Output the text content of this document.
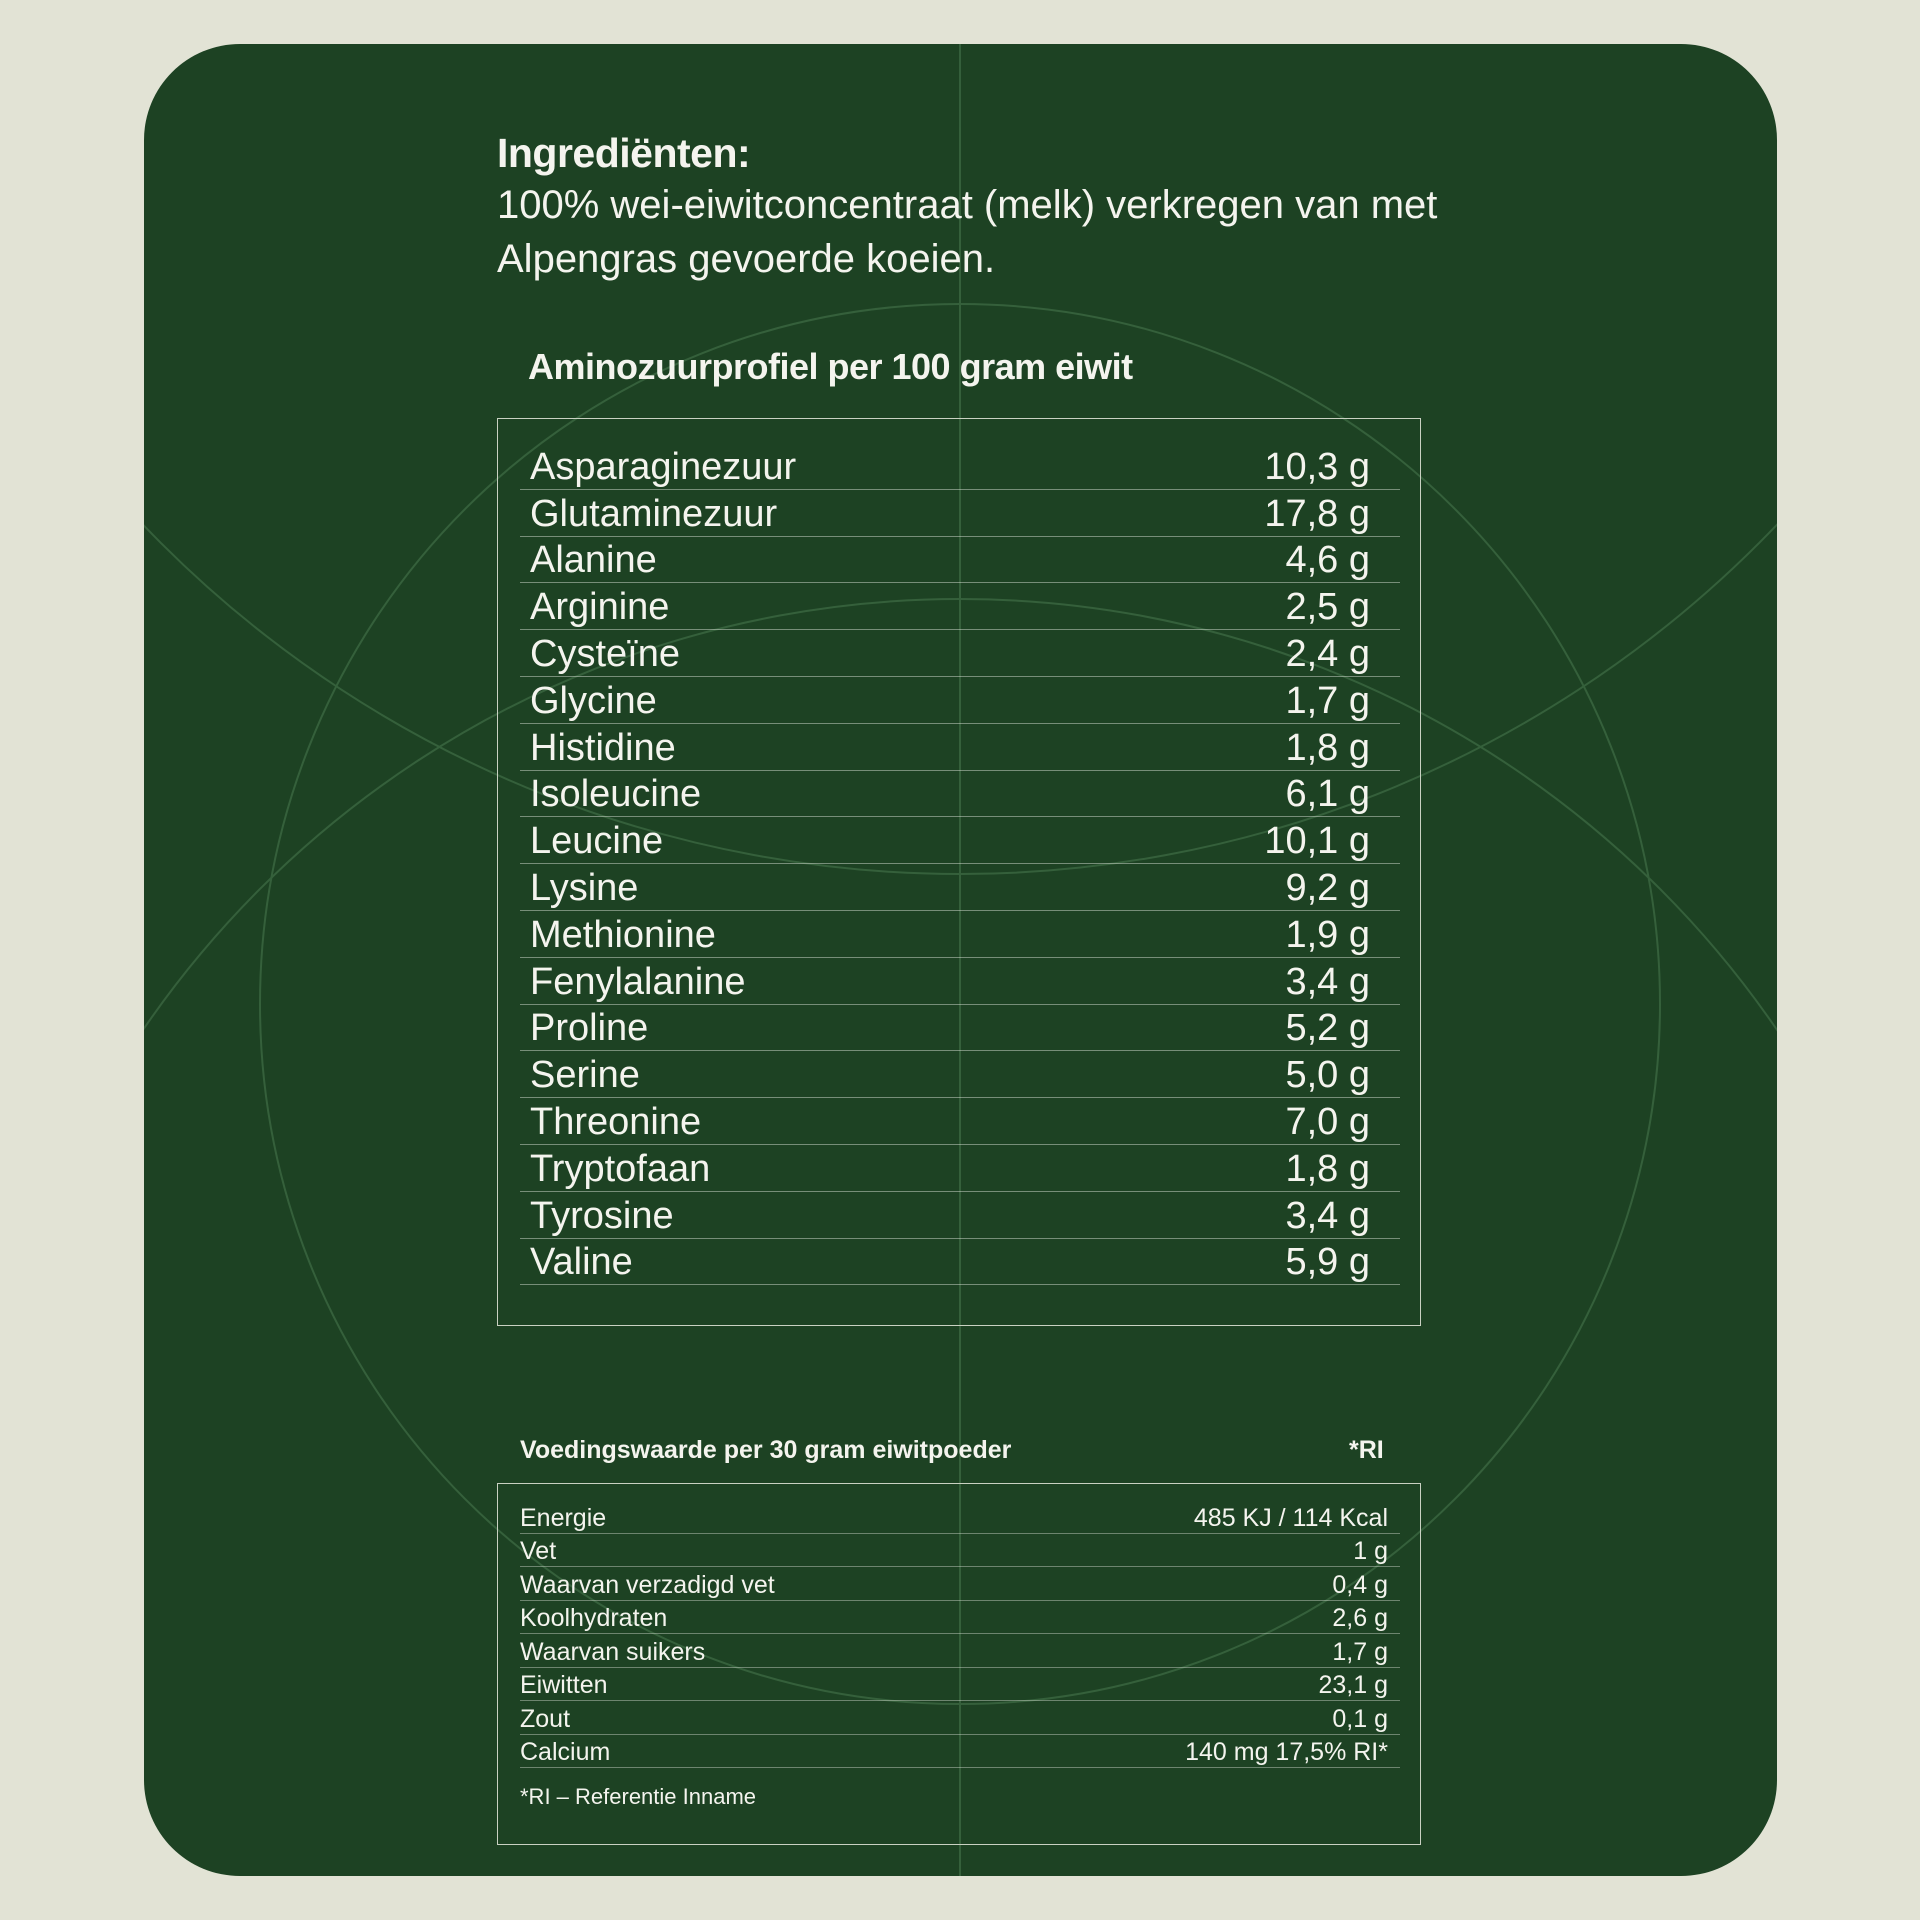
Ingrediënten:

100% wei-eiwitconcentraat (melk) verkregen van met Alpengras gevoerde koeien.

Aminozuurprofiel per 100 gram eiwit
Asparaginezuur	10,3 g
Glutaminezuur	17,8 g
Alanine	4,6 g
Arginine	2,5 g
Cysteïne	2,4 g
Glycine	1,7 g
Histidine	1,8 g
Isoleucine	6,1 g
Leucine	10,1 g
Lysine	9,2 g
Methionine	1,9 g
Fenylalanine	3,4 g
Proline	5,2 g
Serine	5,0 g
Threonine	7,0 g
Tryptofaan	1,8 g
Tyrosine	3,4 g
Valine	5,9 g
Voedingswaarde per 30 gram eiwitpoeder	*RI
Energie	485 KJ / 114 Kcal
Vet	1 g
Waarvan verzadigd vet	0,4 g
Koolhydraten	2,6 g
Waarvan suikers	1,7 g
Eiwitten	23,1 g
Zout	0,1 g
Calcium	140 mg 17,5% RI*

*RI – Referentie Inname
